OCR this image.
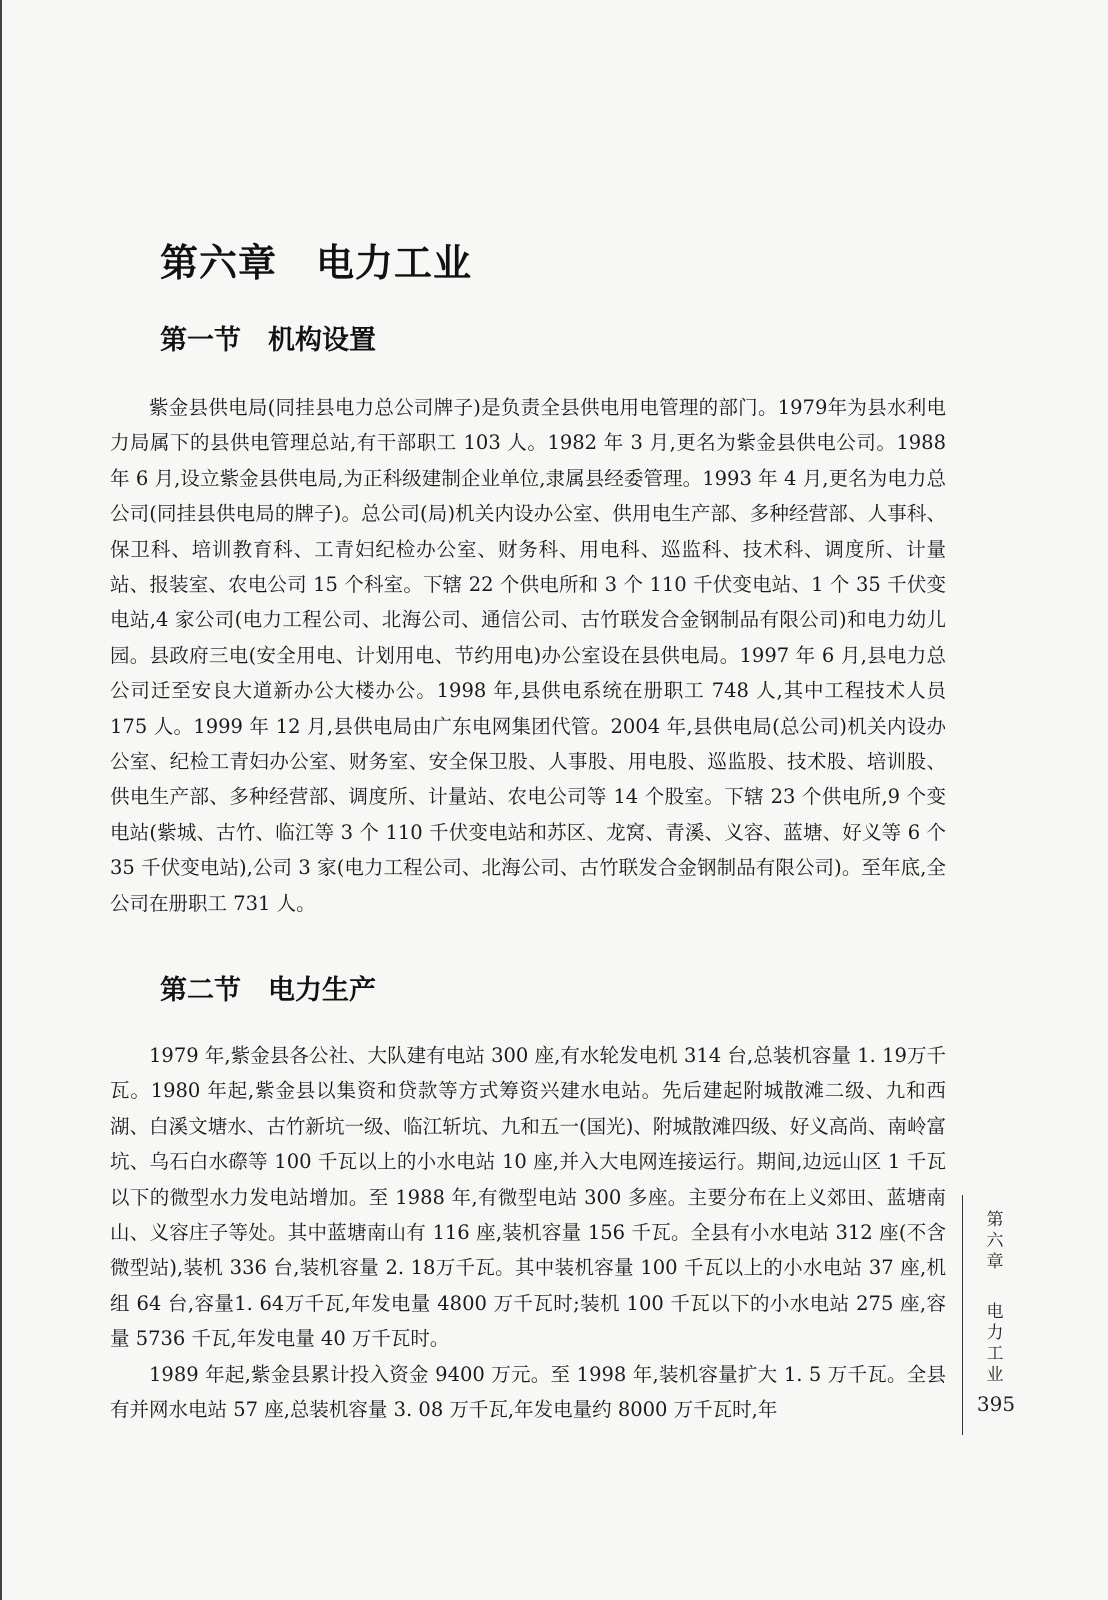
第六章　电力工业
第一节　机构设置

紫金县供电局(同挂县电力总公司牌子)是负责全县供电用电管理的部门。1979年为县水利电力局属下的县供电管理总站,有干部职工 103 人。1982 年 3 月,更名为紫金县供电公司。1988 年 6 月,设立紫金县供电局,为正科级建制企业单位,隶属县经委管理。1993 年 4 月,更名为电力总公司(同挂县供电局的牌子)。总公司(局)机关内设办公室、供用电生产部、多种经营部、人事科、保卫科、培训教育科、工青妇纪检办公室、财务科、用电科、巡监科、技术科、调度所、计量站、报装室、农电公司 15 个科室。下辖 22 个供电所和 3 个 110 千伏变电站、1 个 35 千伏变电站,4 家公司(电力工程公司、北海公司、通信公司、古竹联发合金钢制品有限公司)和电力幼儿园。县政府三电(安全用电、计划用电、节约用电)办公室设在县供电局。1997 年 6 月,县电力总公司迁至安良大道新办公大楼办公。1998 年,县供电系统在册职工 748 人,其中工程技术人员 175 人。1999 年 12 月,县供电局由广东电网集团代管。2004 年,县供电局(总公司)机关内设办公室、纪检工青妇办公室、财务室、安全保卫股、人事股、用电股、巡监股、技术股、培训股、供电生产部、多种经营部、调度所、计量站、农电公司等 14 个股室。下辖 23 个供电所,9 个变电站(紫城、古竹、临江等 3 个 110 千伏变电站和苏区、龙窝、青溪、义容、蓝塘、好义等 6 个 35 千伏变电站),公司 3 家(电力工程公司、北海公司、古竹联发合金钢制品有限公司)。至年底,全公司在册职工 731 人。

第二节　电力生产

1979 年,紫金县各公社、大队建有电站 300 座,有水轮发电机 314 台,总装机容量 1. 19万千瓦。1980 年起,紫金县以集资和贷款等方式筹资兴建水电站。先后建起附城散滩二级、九和西湖、白溪文塘水、古竹新坑一级、临江斩坑、九和五一(国光)、附城散滩四级、好义高尚、南岭富坑、乌石白水磜等 100 千瓦以上的小水电站 10 座,并入大电网连接运行。期间,边远山区 1 千瓦以下的微型水力发电站增加。至 1988 年,有微型电站 300 多座。主要分布在上义郊田、蓝塘南山、义容庄子等处。其中蓝塘南山有 116 座,装机容量 156 千瓦。全县有小水电站 312 座(不含微型站),装机 336 台,装机容量 2. 18万千瓦。其中装机容量 100 千瓦以上的小水电站 37 座,机组 64 台,容量1. 64万千瓦,年发电量 4800 万千瓦时;装机 100 千瓦以下的小水电站 275 座,容量 5736 千瓦,年发电量 40 万千瓦时。

1989 年起,紫金县累计投入资金 9400 万元。至 1998 年,装机容量扩大 1. 5 万千瓦。全县有并网水电站 57 座,总装机容量 3. 08 万千瓦,年发电量约 8000 万千瓦时,年

第六章
电力工业
395
